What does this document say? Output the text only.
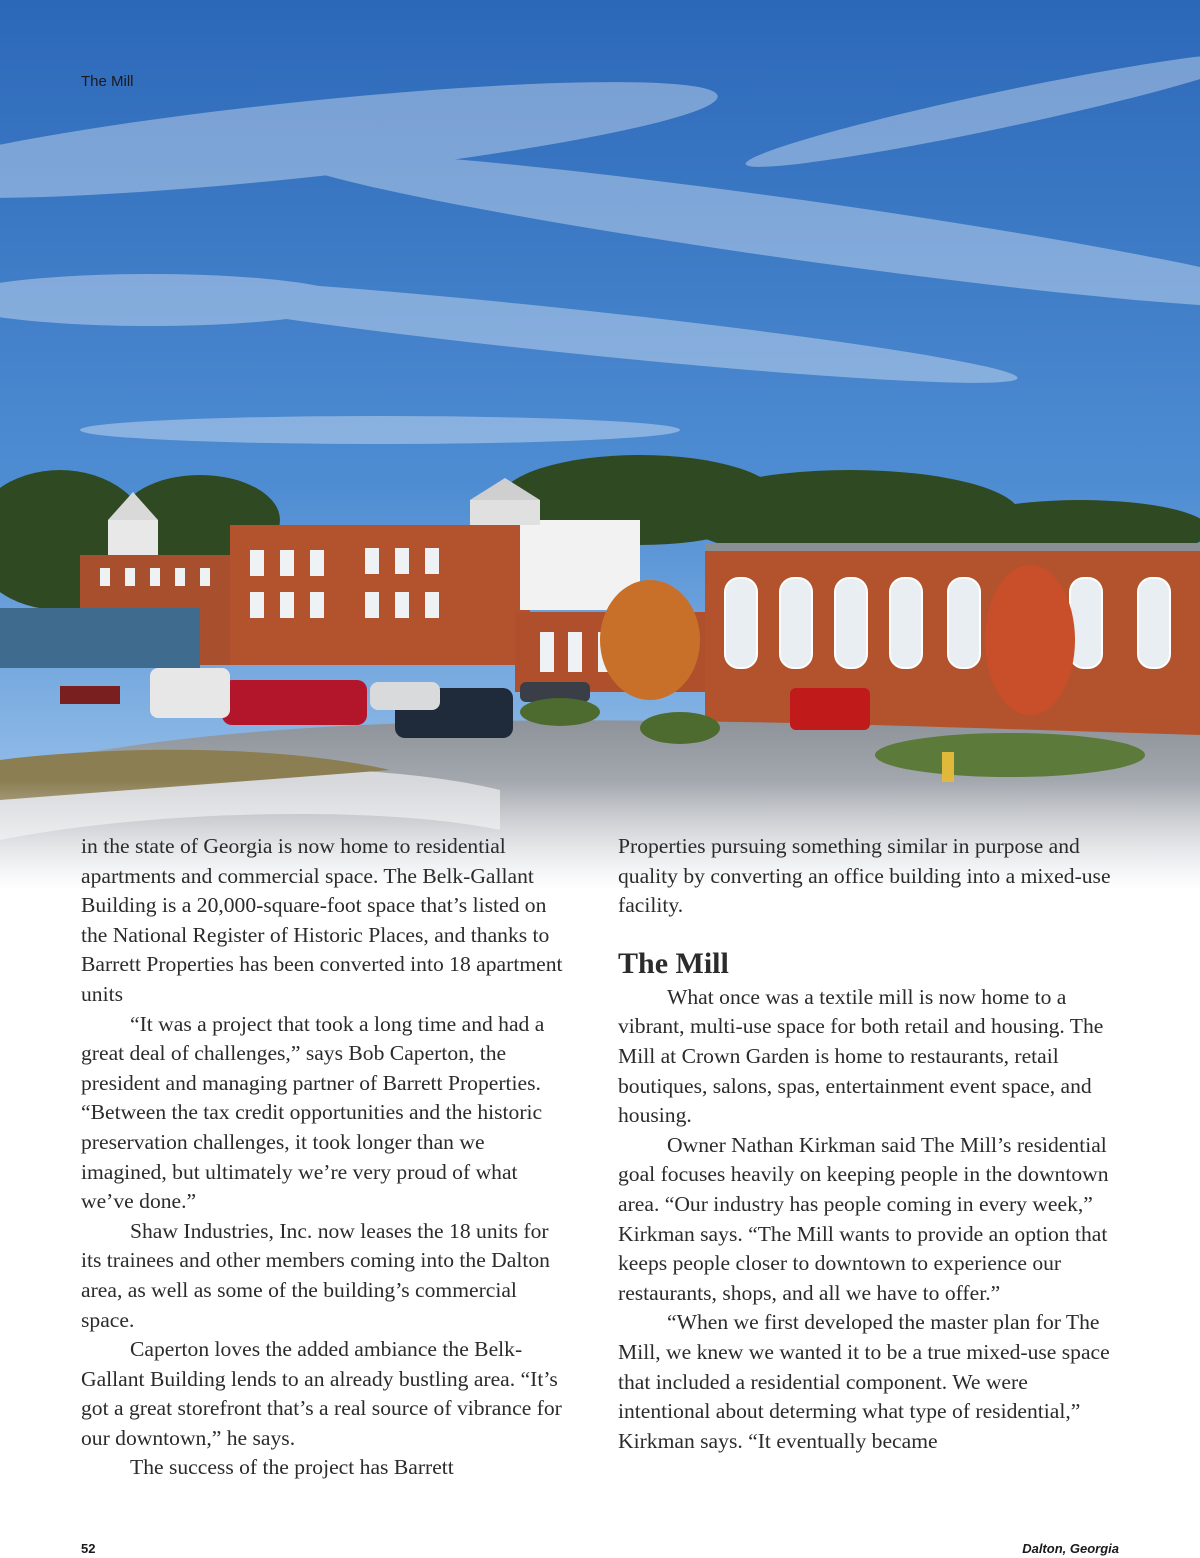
The Mill

in the state of Georgia is now home to residential apartments and commercial space. The Belk-Gallant Building is a 20,000-square-foot space that’s listed on the National Register of Historic Places, and thanks to Barrett Properties has been converted into 18 apartment units

“It was a project that took a long time and had a great deal of challenges,” says Bob Caperton, the president and managing partner of Barrett Properties. “Between the tax credit opportunities and the historic preservation challenges, it took longer than we imagined, but ultimately we’re very proud of what we’ve done.”

Shaw Industries, Inc. now leases the 18 units for its trainees and other members coming into the Dalton area, as well as some of the building’s commercial space.

Caperton loves the added ambiance the Belk-Gallant Building lends to an already bustling area. “It’s got a great storefront that’s a real source of vibrance for our downtown,” he says.

The success of the project has Barrett

Properties pursuing something similar in purpose and quality by converting an office building into a mixed-use facility.

The Mill

What once was a textile mill is now home to a vibrant, multi-use space for both retail and housing. The Mill at Crown Garden is home to restaurants, retail boutiques, salons, spas, entertainment event space, and housing.

Owner Nathan Kirkman said The Mill’s residential goal focuses heavily on keeping people in the downtown area. “Our industry has people coming in every week,” Kirkman says. “The Mill wants to provide an option that keeps people closer to downtown to experience our restaurants, shops, and all we have to offer.”

“When we first developed the master plan for The Mill, we knew we wanted it to be a true mixed-use space that included a residential component. We were intentional about determing what type of residential,” Kirkman says. “It eventually became

52	Dalton, Georgia
